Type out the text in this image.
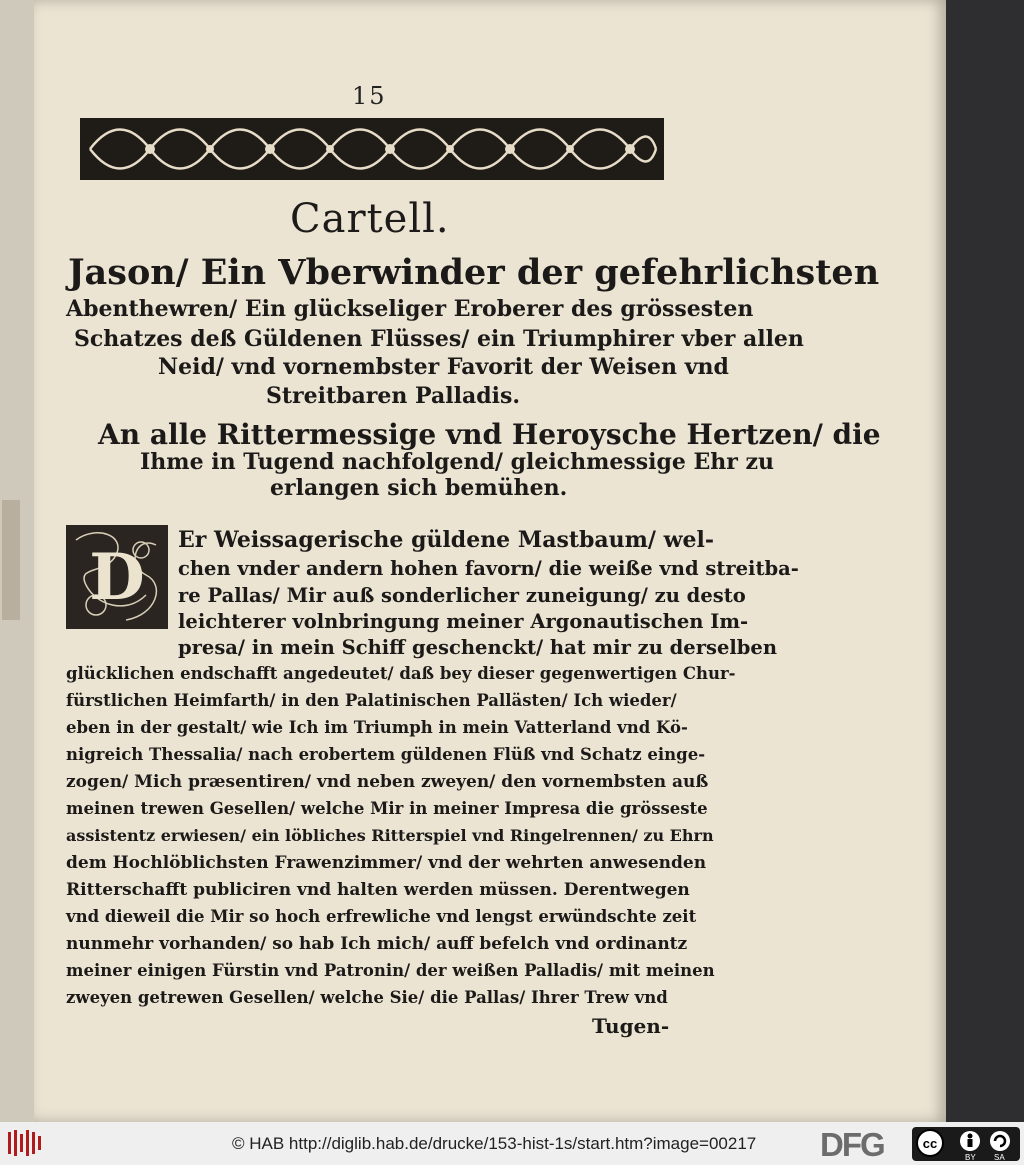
15
Cartell.
Jason/ Ein Vberwinder der gefehrlichsten
Abenthewren/ Ein glückseliger Eroberer des grössesten
Schatzes deß Güldenen Flüsses/ ein Triumphirer vber allen
Neid/ vnd vornembster Favorit der Weisen vnd
Streitbaren Palladis.
An alle Rittermessige vnd Heroysche Hertzen/ die
Ihme in Tugend nachfolgend/ gleichmessige Ehr zu
erlangen sich bemühen.
D Er Weissagerische güldene Mastbaum/ wel-
chen vnder andern hohen favorn/ die weiße vnd streitba-
re Pallas/ Mir auß sonderlicher zuneigung/ zu desto
leichterer volnbringung meiner Argonautischen Im-
presa/ in mein Schiff geschenckt/ hat mir zu derselben
glücklichen endschafft angedeutet/ daß bey dieser gegenwertigen Chur-
fürstlichen Heimfarth/ in den Palatinischen Pallästen/ Ich wieder/
eben in der gestalt/ wie Ich im Triumph in mein Vatterland vnd Kö-
nigreich Thessalia/ nach erobertem güldenen Flüß vnd Schatz einge-
zogen/ Mich præsentiren/ vnd neben zweyen/ den vornembsten auß
meinen trewen Gesellen/ welche Mir in meiner Impresa die grösseste
assistentz erwiesen/ ein löbliches Ritterspiel vnd Ringelrennen/ zu Ehrn
dem Hochlöblichsten Frawenzimmer/ vnd der wehrten anwesenden
Ritterschafft publiciren vnd halten werden müssen. Derentwegen
vnd dieweil die Mir so hoch erfrewliche vnd lengst erwündschte zeit
nunmehr vorhanden/ so hab Ich mich/ auff befelch vnd ordinantz
meiner einigen Fürstin vnd Patronin/ der weißen Palladis/ mit meinen
zweyen getrewen Gesellen/ welche Sie/ die Pallas/ Ihrer Trew vnd
Tugen-
© HAB http://diglib.hab.de/drucke/153-hist-1s/start.htm?image=00217 DFG	cc
BY SA
